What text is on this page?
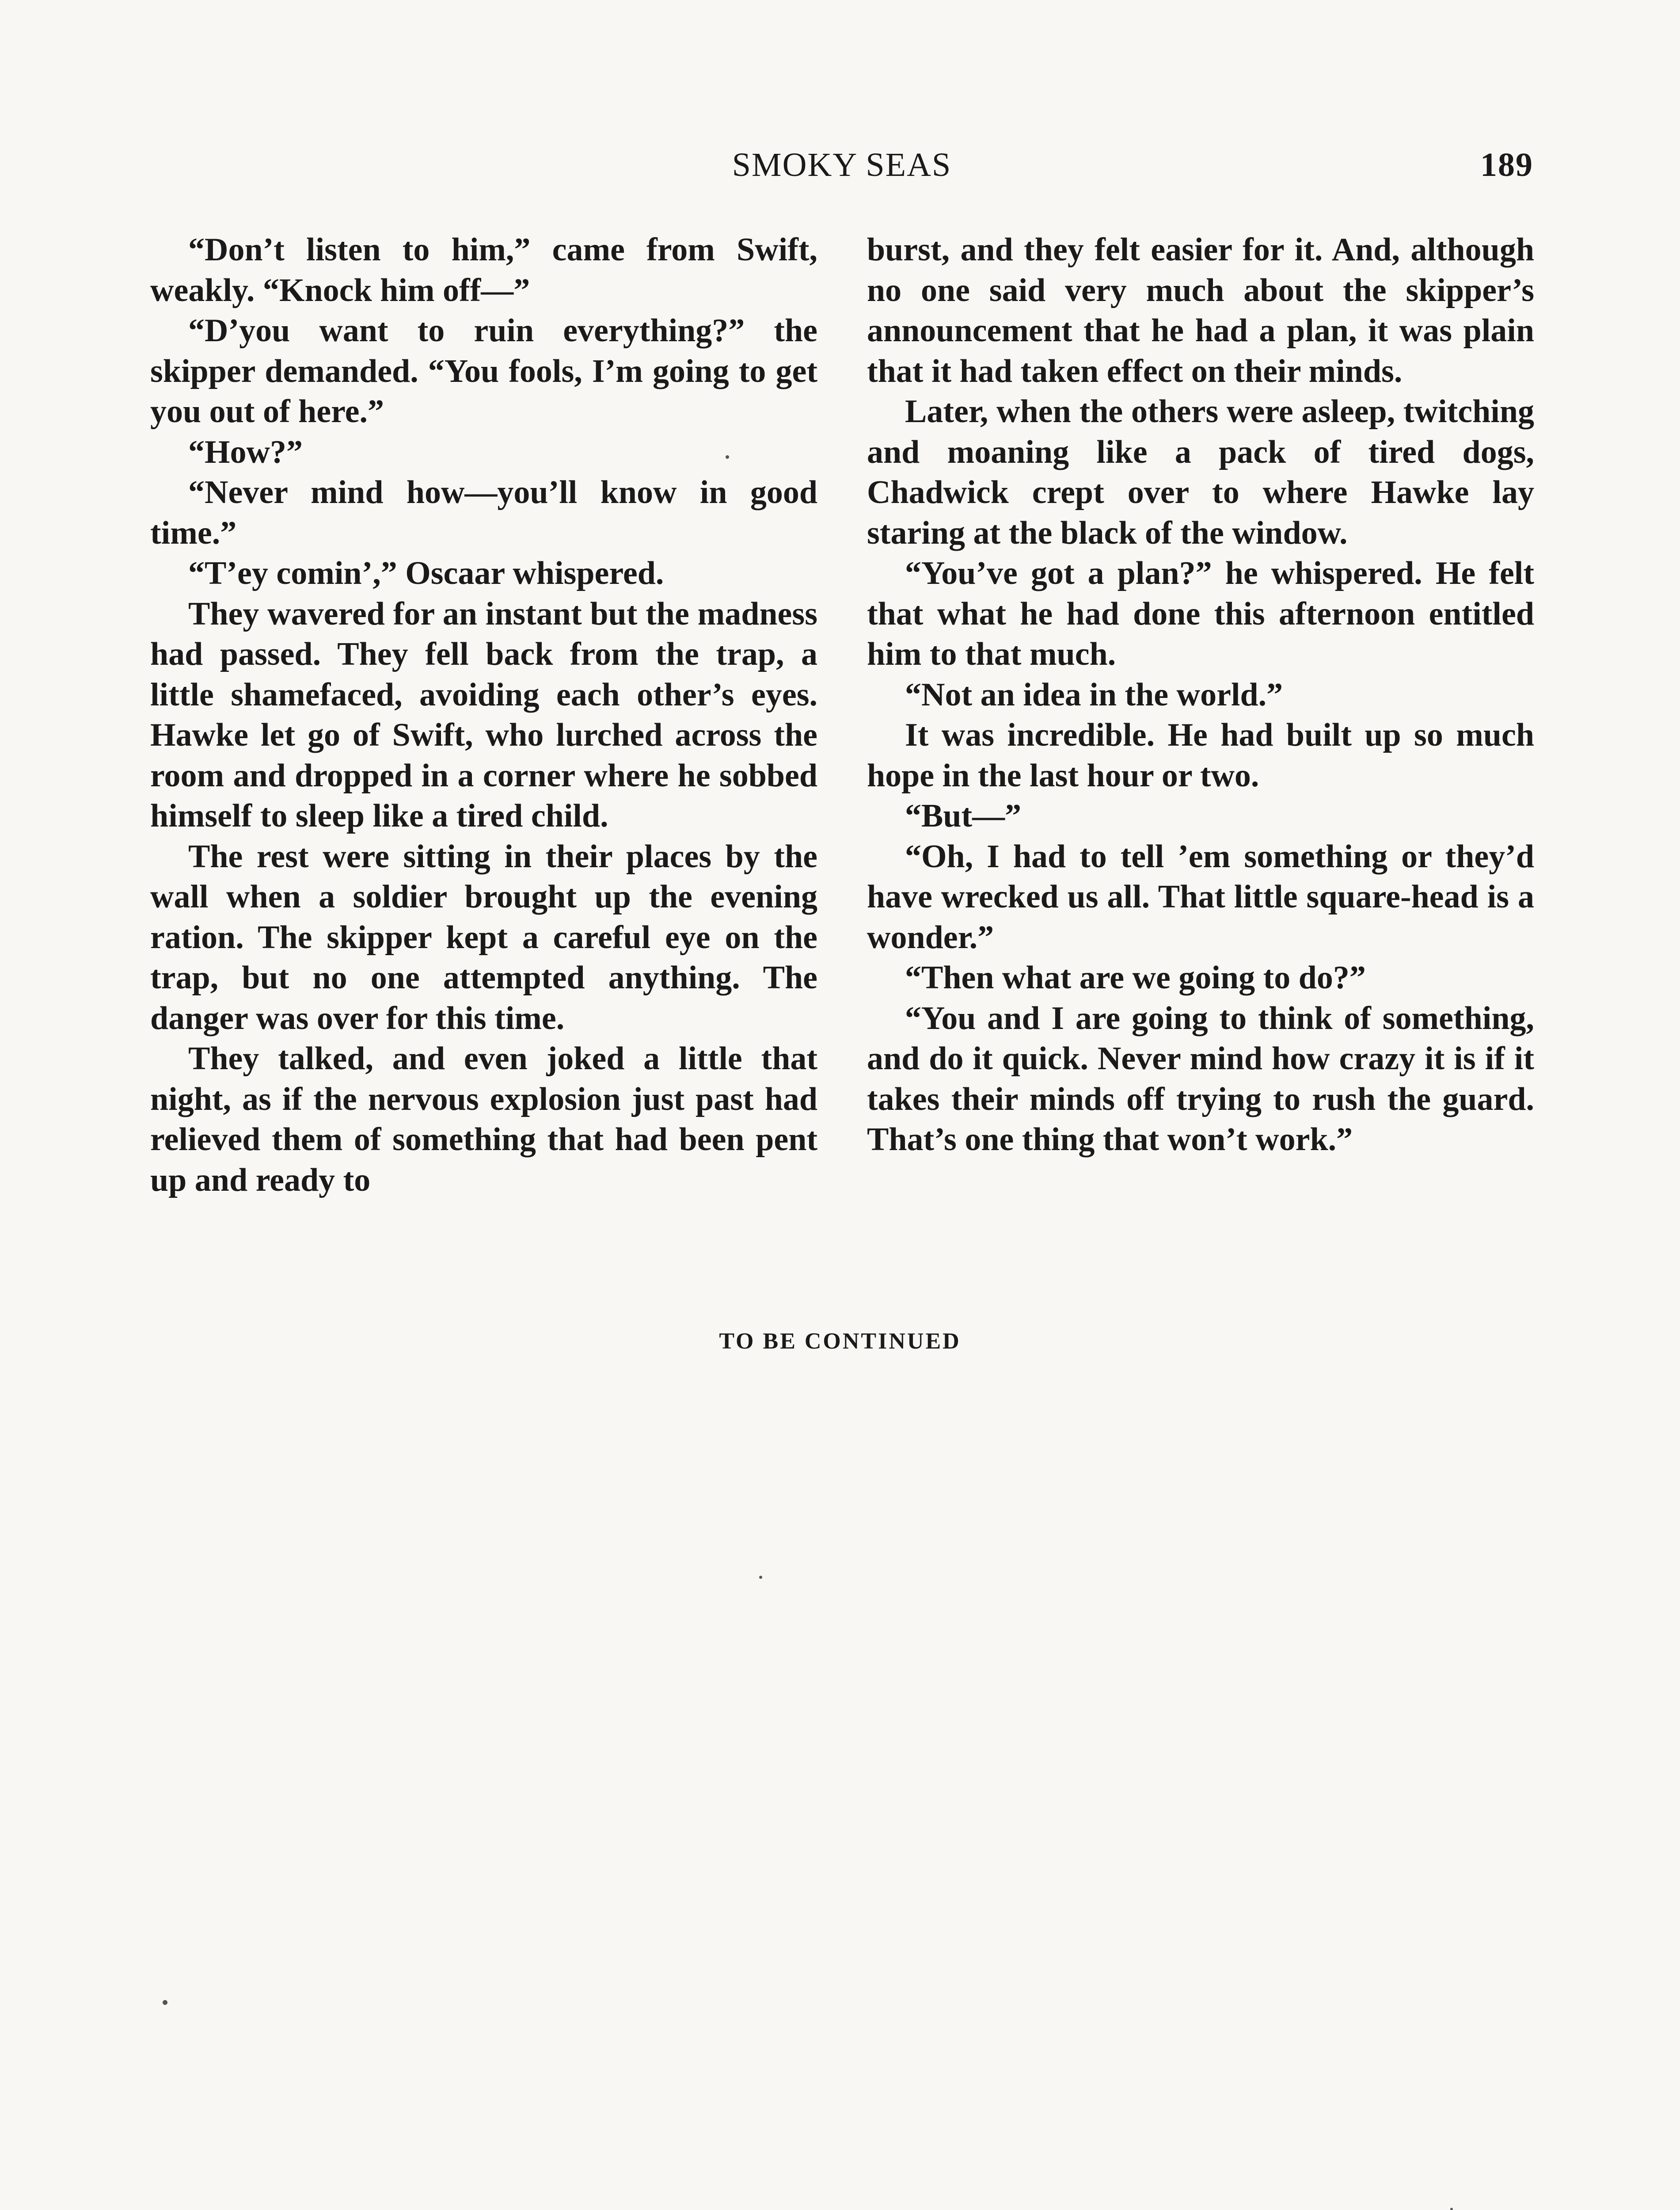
SMOKY SEAS	189

“Don’t listen to him,” came from Swift, weakly. “Knock him off—”

“D’you want to ruin everything?” the skipper demanded. “You fools, I’m going to get you out of here.”

“How?”

“Never mind how—you’ll know in good time.”

“T’ey comin’,” Oscaar whispered.

They wavered for an instant but the madness had passed. They fell back from the trap, a little shamefaced, avoiding each other’s eyes. Hawke let go of Swift, who lurched across the room and dropped in a corner where he sobbed himself to sleep like a tired child.

The rest were sitting in their places by the wall when a soldier brought up the evening ration. The skipper kept a careful eye on the trap, but no one attempted anything. The danger was over for this time.

They talked, and even joked a little that night, as if the nervous explosion just past had relieved them of something that had been pent up and ready to

burst, and they felt easier for it. And, although no one said very much about the skipper’s announcement that he had a plan, it was plain that it had taken effect on their minds.

Later, when the others were asleep, twitching and moaning like a pack of tired dogs, Chadwick crept over to where Hawke lay staring at the black of the window.

“You’ve got a plan?” he whispered. He felt that what he had done this afternoon entitled him to that much.

“Not an idea in the world.”

It was incredible. He had built up so much hope in the last hour or two.

“But—”

“Oh, I had to tell ’em something or they’d have wrecked us all. That little square-head is a wonder.”

“Then what are we going to do?”

“You and I are going to think of something, and do it quick. Never mind how crazy it is if it takes their minds off trying to rush the guard. That’s one thing that won’t work.”

TO BE CONTINUED
